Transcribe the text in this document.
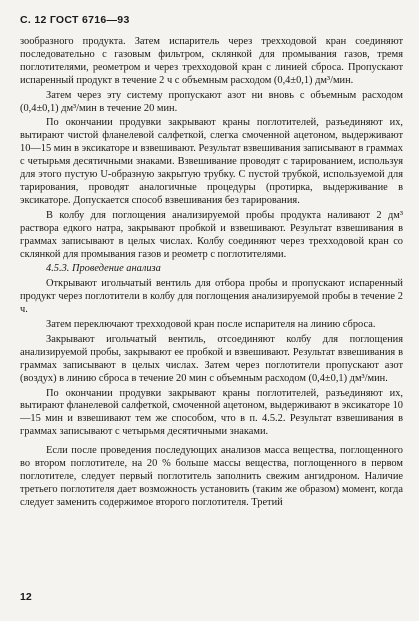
С. 12 ГОСТ 6716—93

зообразного продукта. Затем испаритель через трехходовой кран соединяют последовательно с газовым фильтром, склянкой для промывания газов, тремя поглотителями, реометром и через трехходовой кран с линией сброса. Пропускают испаренный продукт в течение 2 ч с объемным расходом (0,4±0,1) дм³/мин.

Затем через эту систему пропускают азот ни вновь с объемным расходом (0,4±0,1) дм³/мин в течение 20 мин.

По окончании продувки закрывают краны поглотителей, разъединяют их, вытирают чистой фланелевой салфеткой, слегка смоченной ацетоном, выдерживают 10—15 мин в эксикаторе и взвешивают. Результат взвешивания записывают в граммах с четырьмя десятичными знаками. Взвешивание проводят с тарированием, используя для этого пустую U-образную закрытую трубку. С пустой трубкой, используемой для тарирования, проводят аналогичные процедуры (протирка, выдерживание в эксикаторе. Допускается способ взвешивания без тарирования.

В колбу для поглощения анализируемой пробы продукта наливают 2 дм³ раствора едкого натра, закрывают пробкой и взвешивают. Результат взвешивания в граммах записывают в целых числах. Колбу соединяют через трехходовой кран со склянкой для промывания газов и реометр с поглотителями.

4.5.3. Проведение анализа

Открывают игольчатый вентиль для отбора пробы и пропускают испаренный продукт через поглотители в колбу для поглощения анализируемой пробы в течение 2 ч.

Затем переключают трехходовой кран после испарителя на линию сброса.

Закрывают игольчатый вентиль, отсоединяют колбу для поглощения анализируемой пробы, закрывают ее пробкой и взвешивают. Результат взвешивания в граммах записывают в целых числах. Затем через поглотители пропускают азот (воздух) в линию сброса в течение 20 мин с объемным расходом (0,4±0,1) дм³/мин.

По окончании продувки закрывают краны поглотителей, разъединяют их, вытирают фланелевой салфеткой, смоченной ацетоном, выдерживают в эксикаторе 10—15 мин и взвешивают тем же способом, что в п. 4.5.2. Результат взвешивания в граммах записывают с четырьмя десятичными знаками.

Если после проведения последующих анализов масса вещества, поглощенного во втором поглотителе, на 20 % больше массы вещества, поглощенного в первом поглотителе, следует первый поглотитель заполнить свежим ангидроном. Наличие третьего поглотителя дает возможность установить (таким же образом) момент, когда следует заменить содержимое второго поглотителя. Третий

12
